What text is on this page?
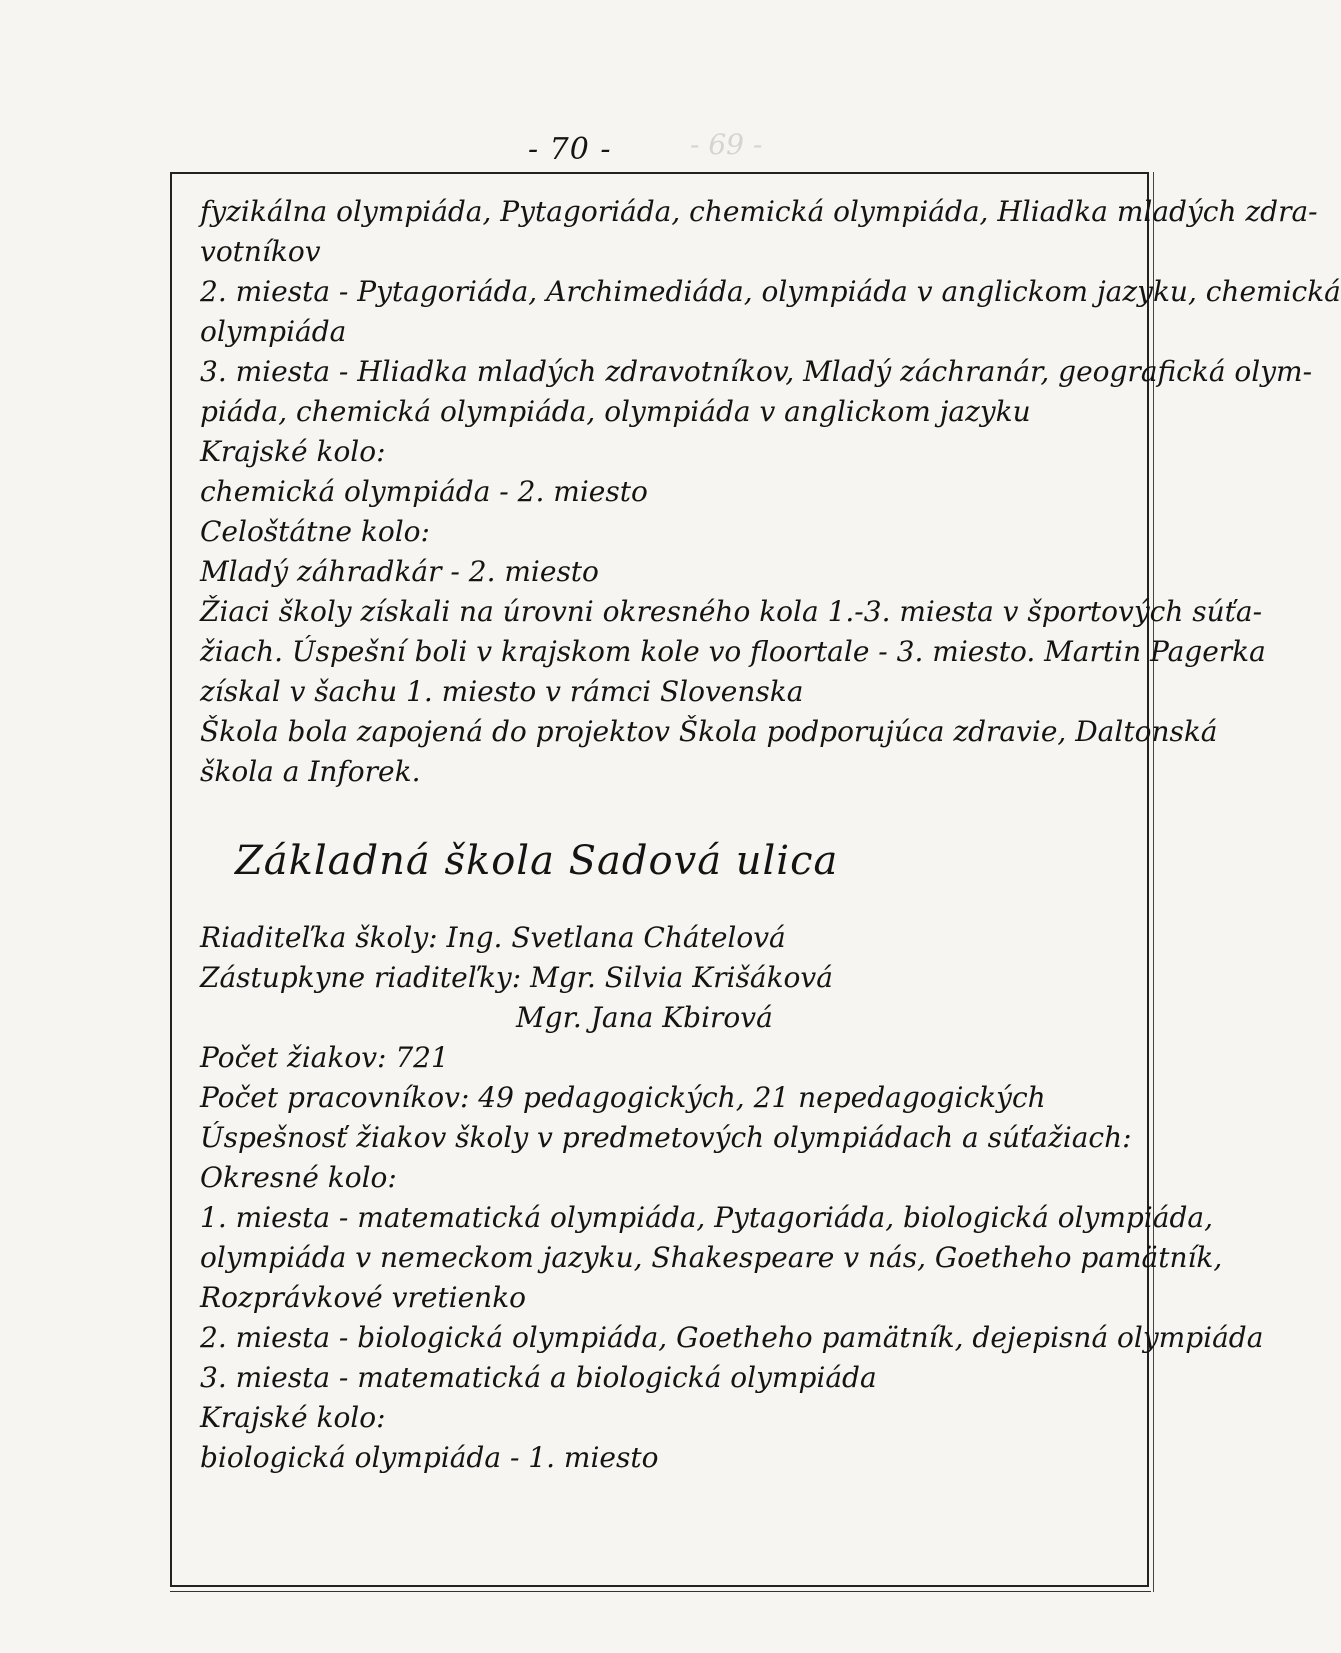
- 70 -	- 69 -
fyzikálna olympiáda, Pytagoriáda, chemická olympiáda, Hliadka mladých zdra-
votníkov
2. miesta - Pytagoriáda, Archimediáda, olympiáda v anglickom jazyku, chemická
olympiáda
3. miesta - Hliadka mladých zdravotníkov, Mladý záchranár, geografická olym-
piáda, chemická olympiáda, olympiáda v anglickom jazyku
Krajské kolo:
chemická olympiáda - 2. miesto
Celoštátne kolo:
Mladý záhradkár - 2. miesto
Žiaci školy získali na úrovni okresného kola 1.-3. miesta v športových súťa-
žiach. Úspešní boli v krajskom kole vo floortale - 3. miesto. Martin Pagerka
získal v šachu 1. miesto v rámci Slovenska
Škola bola zapojená do projektov Škola podporujúca zdravie, Daltonská
škola a Inforek.
Základná škola Sadová ulica
Riaditeľka školy: Ing. Svetlana Chátelová
Zástupkyne riaditeľky: Mgr. Silvia Krišáková
Mgr. Jana Kbirová
Počet žiakov: 721
Počet pracovníkov: 49 pedagogických, 21 nepedagogických
Úspešnosť žiakov školy v predmetových olympiádach a súťažiach:
Okresné kolo:
1. miesta - matematická olympiáda, Pytagoriáda, biologická olympiáda,
olympiáda v nemeckom jazyku, Shakespeare v nás, Goetheho pamätník,
Rozprávkové vretienko
2. miesta - biologická olympiáda, Goetheho pamätník, dejepisná olympiáda
3. miesta - matematická a biologická olympiáda
Krajské kolo:
biologická olympiáda - 1. miesto
